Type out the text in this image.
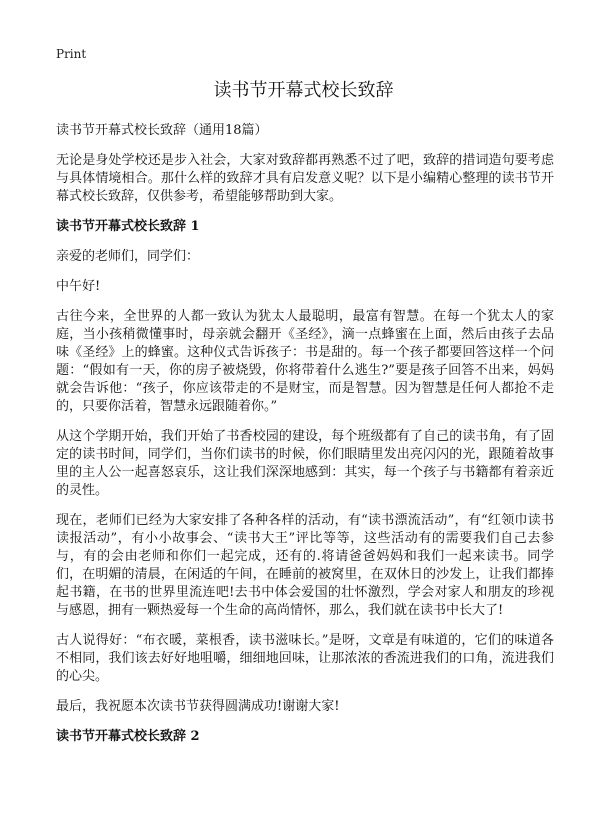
Print
读书节开幕式校长致辞

读书节开幕式校长致辞（通用18篇）

无论是身处学校还是步入社会，大家对致辞都再熟悉不过了吧，致辞的措词造句要考虑与具体情境相合。那什么样的致辞才具有启发意义呢？以下是小编精心整理的读书节开幕式校长致辞，仅供参考，希望能够帮助到大家。

读书节开幕式校长致辞 1

亲爱的老师们，同学们：

中午好!

古往今来，全世界的人都一致认为犹太人最聪明，最富有智慧。在每一个犹太人的家庭，当小孩稍微懂事时，母亲就会翻开《圣经》，滴一点蜂蜜在上面，然后由孩子去品味《圣经》上的蜂蜜。这种仪式告诉孩子：书是甜的。每一个孩子都要回答这样一个问题：“假如有一天，你的房子被烧毁，你将带着什么逃生?”要是孩子回答不出来，妈妈就会告诉他：“孩子，你应该带走的不是财宝，而是智慧。因为智慧是任何人都抢不走的，只要你活着，智慧永远跟随着你。”

从这个学期开始，我们开始了书香校园的建设，每个班级都有了自己的读书角，有了固定的读书时间，同学们，当你们读书的时候，你们眼睛里发出亮闪闪的光，跟随着故事里的主人公一起喜怒哀乐，这让我们深深地感到：其实，每一个孩子与书籍都有着亲近的灵性。

现在，老师们已经为大家安排了各种各样的活动，有“读书漂流活动”，有“红领巾读书读报活动”，有小小故事会、“读书大王”评比等等，这些活动有的需要我们自己去参与，有的会由老师和你们一起完成，还有的.将请爸爸妈妈和我们一起来读书。同学们，在明媚的清晨，在闲适的午间，在睡前的被窝里，在双休日的沙发上，让我们都捧起书籍，在书的世界里流连吧!去书中体会爱国的壮怀激烈，学会对家人和朋友的珍视与感恩，拥有一颗热爱每一个生命的高尚情怀，那么，我们就在读书中长大了!

古人说得好：“布衣暖，菜根香，读书滋味长。”是呀，文章是有味道的，它们的味道各不相同，我们该去好好地咀嚼，细细地回味，让那浓浓的香流进我们的口角，流进我们的心尖。

最后，我祝愿本次读书节获得圆满成功!谢谢大家!

读书节开幕式校长致辞 2
